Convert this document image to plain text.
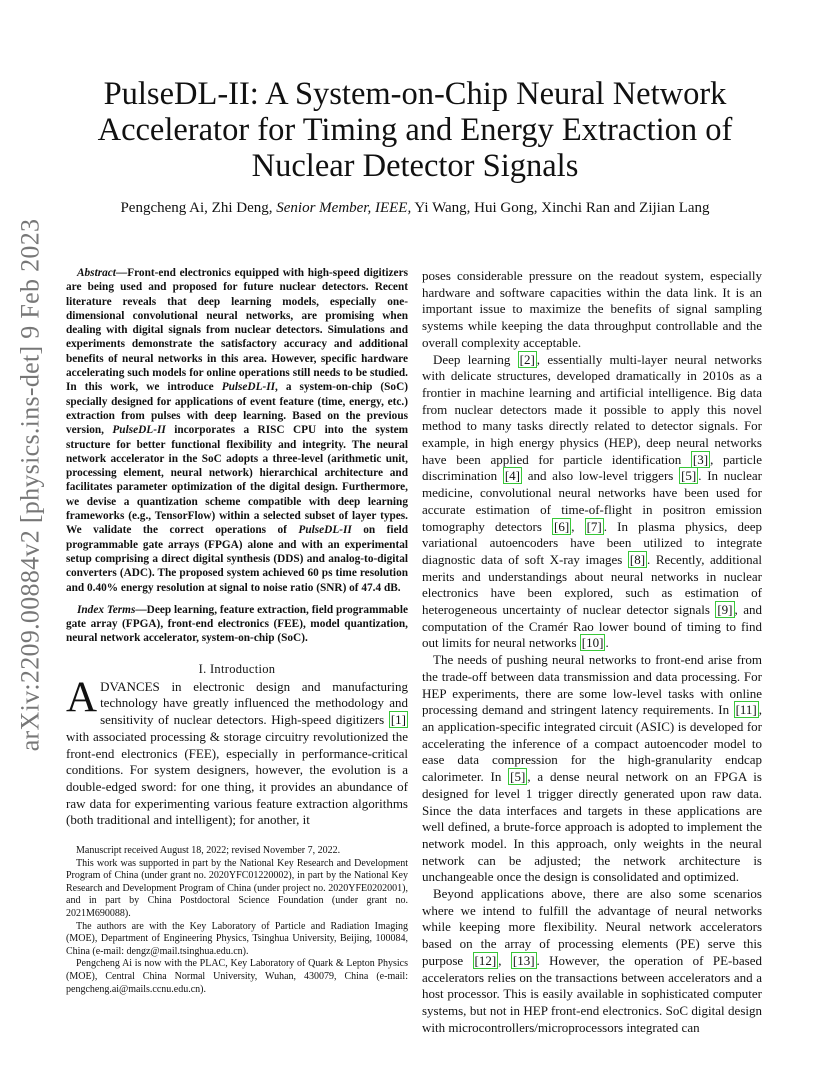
arXiv:2209.00884v2 [physics.ins-det] 9 Feb 2023
PulseDL-II: A System-on-Chip Neural Network Accelerator for Timing and Energy Extraction of Nuclear Detector Signals
Pengcheng Ai, Zhi Deng, Senior Member, IEEE, Yi Wang, Hui Gong, Xinchi Ran and Zijian Lang

Abstract—Front-end electronics equipped with high-speed digitizers are being used and proposed for future nuclear detectors. Recent literature reveals that deep learning models, especially one-dimensional convolutional neural networks, are promising when dealing with digital signals from nuclear detectors. Simulations and experiments demonstrate the satisfactory accuracy and additional benefits of neural networks in this area. However, specific hardware accelerating such models for online operations still needs to be studied. In this work, we introduce PulseDL-II, a system-on-chip (SoC) specially designed for applications of event feature (time, energy, etc.) extraction from pulses with deep learning. Based on the previous version, PulseDL-II incorporates a RISC CPU into the system structure for better functional flexibility and integrity. The neural network accelerator in the SoC adopts a three-level (arithmetic unit, processing element, neural network) hierarchical architecture and facilitates parameter optimization of the digital design. Furthermore, we devise a quantization scheme compatible with deep learning frameworks (e.g., TensorFlow) within a selected subset of layer types. We validate the correct operations of PulseDL-II on field programmable gate arrays (FPGA) alone and with an experimental setup comprising a direct digital synthesis (DDS) and analog-to-digital converters (ADC). The proposed system achieved 60 ps time resolution and 0.40% energy resolution at signal to noise ratio (SNR) of 47.4 dB.

Index Terms—Deep learning, feature extraction, field programmable gate array (FPGA), front-end electronics (FEE), model quantization, neural network accelerator, system-on-chip (SoC).

I. Introduction

ADVANCES in electronic design and manufacturing technology have greatly influenced the methodology and sensitivity of nuclear detectors. High-speed digitizers [1] with associated processing & storage circuitry revolutionized the front-end electronics (FEE), especially in performance-critical conditions. For system designers, however, the evolution is a double-edged sword: for one thing, it provides an abundance of raw data for experimenting various feature extraction algorithms (both traditional and intelligent); for another, it

Manuscript received August 18, 2022; revised November 7, 2022.

This work was supported in part by the National Key Research and Development Program of China (under grant no. 2020YFC01220002), in part by the National Key Research and Development Program of China (under project no. 2020YFE0202001), and in part by China Postdoctoral Science Foundation (under grant no. 2021M690088).

The authors are with the Key Laboratory of Particle and Radiation Imaging (MOE), Department of Engineering Physics, Tsinghua University, Beijing, 100084, China (e-mail: dengz@mail.tsinghua.edu.cn).

Pengcheng Ai is now with the PLAC, Key Laboratory of Quark & Lepton Physics (MOE), Central China Normal University, Wuhan, 430079, China (e-mail: pengcheng.ai@mails.ccnu.edu.cn).

poses considerable pressure on the readout system, especially hardware and software capacities within the data link. It is an important issue to maximize the benefits of signal sampling systems while keeping the data throughput controllable and the overall complexity acceptable.

Deep learning [2] , essentially multi-layer neural networks with delicate structures, developed dramatically in 2010s as a frontier in machine learning and artificial intelligence. Big data from nuclear detectors made it possible to apply this novel method to many tasks directly related to detector signals. For example, in high energy physics (HEP), deep neural networks have been applied for particle identification [3] , particle discrimination [4] and also low-level triggers [5] . In nuclear medicine, convolutional neural networks have been used for accurate estimation of time-of-flight in positron emission tomography detectors [6] , [7] . In plasma physics, deep variational autoencoders have been utilized to integrate diagnostic data of soft X-ray images [8] . Recently, additional merits and understandings about neural networks in nuclear electronics have been explored, such as estimation of heterogeneous uncertainty of nuclear detector signals [9] , and computation of the Cramér Rao lower bound of timing to find out limits for neural networks [10] .

The needs of pushing neural networks to front-end arise from the trade-off between data transmission and data processing. For HEP experiments, there are some low-level tasks with online processing demand and stringent latency requirements. In [11] , an application-specific integrated circuit (ASIC) is developed for accelerating the inference of a compact autoencoder model to ease data compression for the high-granularity endcap calorimeter. In [5] , a dense neural network on an FPGA is designed for level 1 trigger directly generated upon raw data. Since the data interfaces and targets in these applications are well defined, a brute-force approach is adopted to implement the network model. In this approach, only weights in the neural network can be adjusted; the network architecture is unchangeable once the design is consolidated and optimized.

Beyond applications above, there are also some scenarios where we intend to fulfill the advantage of neural networks while keeping more flexibility. Neural network accelerators based on the array of processing elements (PE) serve this purpose [12] , [13] . However, the operation of PE-based accelerators relies on the transactions between accelerators and a host processor. This is easily available in sophisticated computer systems, but not in HEP front-end electronics. SoC digital design with microcontrollers/microprocessors integrated can
